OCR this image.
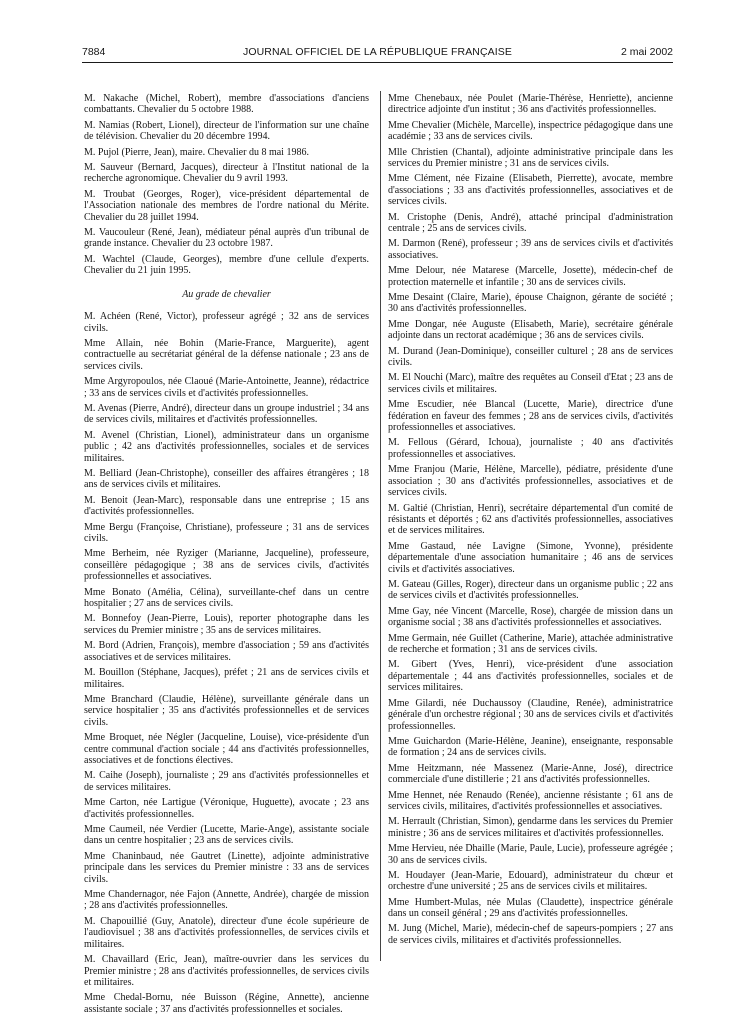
7884	JOURNAL OFFICIEL DE LA RÉPUBLIQUE FRANÇAISE	2 mai 2002

M. Nakache (Michel, Robert), membre d'associations d'anciens combattants. Chevalier du 5 octobre 1988.

M. Namias (Robert, Lionel), directeur de l'information sur une chaîne de télévision. Chevalier du 20 décembre 1994.

M. Pujol (Pierre, Jean), maire. Chevalier du 8 mai 1986.

M. Sauveur (Bernard, Jacques), directeur à l'Institut national de la recherche agronomique. Chevalier du 9 avril 1993.

M. Troubat (Georges, Roger), vice-président départemental de l'Association nationale des membres de l'ordre national du Mérite. Chevalier du 28 juillet 1994.

M. Vaucouleur (René, Jean), médiateur pénal auprès d'un tribunal de grande instance. Chevalier du 23 octobre 1987.

M. Wachtel (Claude, Georges), membre d'une cellule d'experts. Chevalier du 21 juin 1995.

Au grade de chevalier

M. Achéen (René, Victor), professeur agrégé ; 32 ans de services civils.

Mme Allain, née Bohin (Marie-France, Marguerite), agent contractuelle au secrétariat général de la défense nationale ; 23 ans de services civils.

Mme Argyropoulos, née Claoué (Marie-Antoinette, Jeanne), rédactrice ; 33 ans de services civils et d'activités professionnelles.

M. Avenas (Pierre, André), directeur dans un groupe industriel ; 34 ans de services civils, militaires et d'activités professionnelles.

M. Avenel (Christian, Lionel), administrateur dans un organisme public ; 42 ans d'activités professionnelles, sociales et de services militaires.

M. Belliard (Jean-Christophe), conseiller des affaires étrangères ; 18 ans de services civils et militaires.

M. Benoit (Jean-Marc), responsable dans une entreprise ; 15 ans d'activités professionnelles.

Mme Bergu (Françoise, Christiane), professeure ; 31 ans de services civils.

Mme Berheim, née Ryziger (Marianne, Jacqueline), professeure, conseillère pédagogique ; 38 ans de services civils, d'activités professionnelles et associatives.

Mme Bonato (Amélia, Célina), surveillante-chef dans un centre hospitalier ; 27 ans de services civils.

M. Bonnefoy (Jean-Pierre, Louis), reporter photographe dans les services du Premier ministre ; 35 ans de services militaires.

M. Bord (Adrien, François), membre d'association ; 59 ans d'activités associatives et de services militaires.

M. Bouillon (Stéphane, Jacques), préfet ; 21 ans de services civils et militaires.

Mme Branchard (Claudie, Hélène), surveillante générale dans un service hospitalier ; 35 ans d'activités professionnelles et de services civils.

Mme Broquet, née Négler (Jacqueline, Louise), vice-présidente d'un centre communal d'action sociale ; 44 ans d'activités professionnelles, associatives et de fonctions électives.

M. Caihe (Joseph), journaliste ; 29 ans d'activités professionnelles et de services militaires.

Mme Carton, née Lartigue (Véronique, Huguette), avocate ; 23 ans d'activités professionnelles.

Mme Caumeil, née Verdier (Lucette, Marie-Ange), assistante sociale dans un centre hospitalier ; 23 ans de services civils.

Mme Chaninbaud, née Gautret (Linette), adjointe administrative principale dans les services du Premier ministre : 33 ans de services civils.

Mme Chandernagor, née Fajon (Annette, Andrée), chargée de mission ; 28 ans d'activités professionnelles.

M. Chapouillié (Guy, Anatole), directeur d'une école supérieure de l'audiovisuel ; 38 ans d'activités professionnelles, de services civils et militaires.

M. Chavaillard (Eric, Jean), maître-ouvrier dans les services du Premier ministre ; 28 ans d'activités professionnelles, de services civils et militaires.

Mme Chedal-Bornu, née Buisson (Régine, Annette), ancienne assistante sociale ; 37 ans d'activités professionnelles et sociales.

Mme Chenebaux, née Poulet (Marie-Thérèse, Henriette), ancienne directrice adjointe d'un institut ; 36 ans d'activités professionnelles.

Mme Chevalier (Michèle, Marcelle), inspectrice pédagogique dans une académie ; 33 ans de services civils.

Mlle Christien (Chantal), adjointe administrative principale dans les services du Premier ministre ; 31 ans de services civils.

Mme Clément, née Fizaine (Elisabeth, Pierrette), avocate, membre d'associations ; 33 ans d'activités professionnelles, associatives et de services civils.

M. Cristophe (Denis, André), attaché principal d'administration centrale ; 25 ans de services civils.

M. Darmon (René), professeur ; 39 ans de services civils et d'activités associatives.

Mme Delour, née Matarese (Marcelle, Josette), médecin-chef de protection maternelle et infantile ; 30 ans de services civils.

Mme Desaint (Claire, Marie), épouse Chaignon, gérante de société ; 30 ans d'activités professionnelles.

Mme Dongar, née Auguste (Elisabeth, Marie), secrétaire générale adjointe dans un rectorat académique ; 36 ans de services civils.

M. Durand (Jean-Dominique), conseiller culturel ; 28 ans de services civils.

M. El Nouchi (Marc), maître des requêtes au Conseil d'Etat ; 23 ans de services civils et militaires.

Mme Escudier, née Blancal (Lucette, Marie), directrice d'une fédération en faveur des femmes ; 28 ans de services civils, d'activités professionnelles et associatives.

M. Fellous (Gérard, Ichoua), journaliste ; 40 ans d'activités professionnelles et associatives.

Mme Franjou (Marie, Hélène, Marcelle), pédiatre, présidente d'une association ; 30 ans d'activités professionnelles, associatives et de services civils.

M. Galtié (Christian, Henri), secrétaire départemental d'un comité de résistants et déportés ; 62 ans d'activités professionnelles, associatives et de services militaires.

Mme Gastaud, née Lavigne (Simone, Yvonne), présidente départementale d'une association humanitaire ; 46 ans de services civils et d'activités associatives.

M. Gateau (Gilles, Roger), directeur dans un organisme public ; 22 ans de services civils et d'activités professionnelles.

Mme Gay, née Vincent (Marcelle, Rose), chargée de mission dans un organisme social ; 38 ans d'activités professionnelles et associatives.

Mme Germain, née Guillet (Catherine, Marie), attachée administrative de recherche et formation ; 31 ans de services civils.

M. Gibert (Yves, Henri), vice-président d'une association départementale ; 44 ans d'activités professionnelles, sociales et de services militaires.

Mme Gilardi, née Duchaussoy (Claudine, Renée), administratrice générale d'un orchestre régional ; 30 ans de services civils et d'activités professionnelles.

Mme Guichardon (Marie-Hélène, Jeanine), enseignante, responsable de formation ; 24 ans de services civils.

Mme Heitzmann, née Massenez (Marie-Anne, José), directrice commerciale d'une distillerie ; 21 ans d'activités professionnelles.

Mme Hennet, née Renaudo (Renée), ancienne résistante ; 61 ans de services civils, militaires, d'activités professionnelles et associatives.

M. Herrault (Christian, Simon), gendarme dans les services du Premier ministre ; 36 ans de services militaires et d'activités professionnelles.

Mme Hervieu, née Dhaille (Marie, Paule, Lucie), professeure agrégée ; 30 ans de services civils.

M. Houdayer (Jean-Marie, Edouard), administrateur du chœur et orchestre d'une université ; 25 ans de services civils et militaires.

Mme Humbert-Mulas, née Mulas (Claudette), inspectrice générale dans un conseil général ; 29 ans d'activités professionnelles.

M. Jung (Michel, Marie), médecin-chef de sapeurs-pompiers ; 27 ans de services civils, militaires et d'activités professionnelles.
